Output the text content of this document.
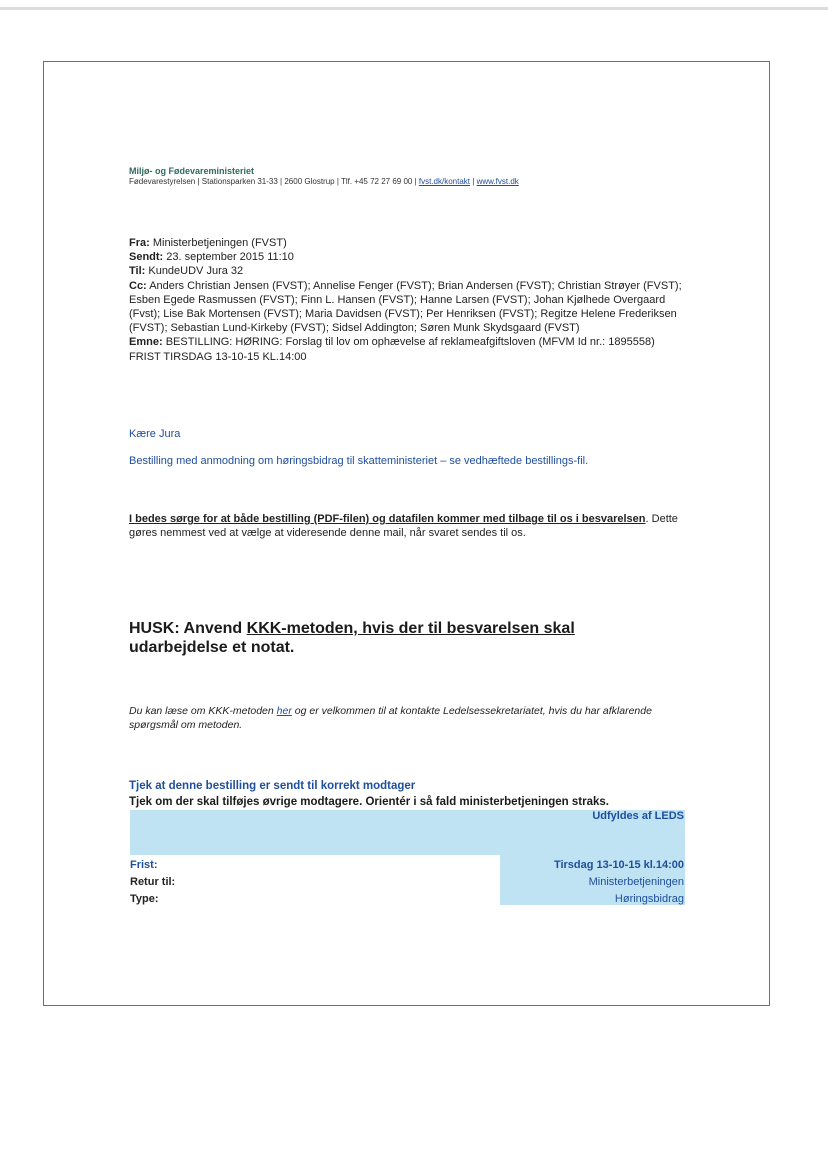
Miljø- og Fødevareministeriet
Fødevarestyrelsen | Stationsparken 31-33 | 2600 Glostrup | Tlf. +45 72 27 69 00 | fvst.dk/kontakt | www.fvst.dk
Fra: Ministerbetjeningen (FVST)
Sendt: 23. september 2015 11:10
Til: KundeUDV Jura 32
Cc: Anders Christian Jensen (FVST); Annelise Fenger (FVST); Brian Andersen (FVST); Christian Strøyer (FVST); Esben Egede Rasmussen (FVST); Finn L. Hansen (FVST); Hanne Larsen (FVST); Johan Kjølhede Overgaard (Fvst); Lise Bak Mortensen (FVST); Maria Davidsen (FVST); Per Henriksen (FVST); Regitze Helene Frederiksen (FVST); Sebastian Lund-Kirkeby (FVST); Sidsel Addington; Søren Munk Skydsgaard (FVST)
Emne: BESTILLING: HØRING: Forslag til lov om ophævelse af reklameafgiftsloven (MFVM Id nr.: 1895558) FRIST TIRSDAG 13-10-15 KL.14:00
Kære Jura
Bestilling med anmodning om høringsbidrag til skatteministeriet – se vedhæftede bestillings-fil.
I bedes sørge for at både bestilling (PDF-filen) og datafilen kommer med tilbage til os i besvarelsen. Dette gøres nemmest ved at vælge at videresende denne mail, når svaret sendes til os.
HUSK: Anvend KKK-metoden, hvis der til besvarelsen skal udarbejdelse et notat.
Du kan læse om KKK-metoden her og er velkommen til at kontakte Ledelsessekretariatet, hvis du har afklarende spørgsmål om metoden.
Tjek at denne bestilling er sendt til korrekt modtager
Tjek om der skal tilføjes øvrige modtagere. Orientér i så fald ministerbetjeningen straks.
Udfyldes af LEDS
Frist:	Tirsdag 13-10-15 kl.14:00
Retur til:	Ministerbetjeningen
Type:	Høringsbidrag
